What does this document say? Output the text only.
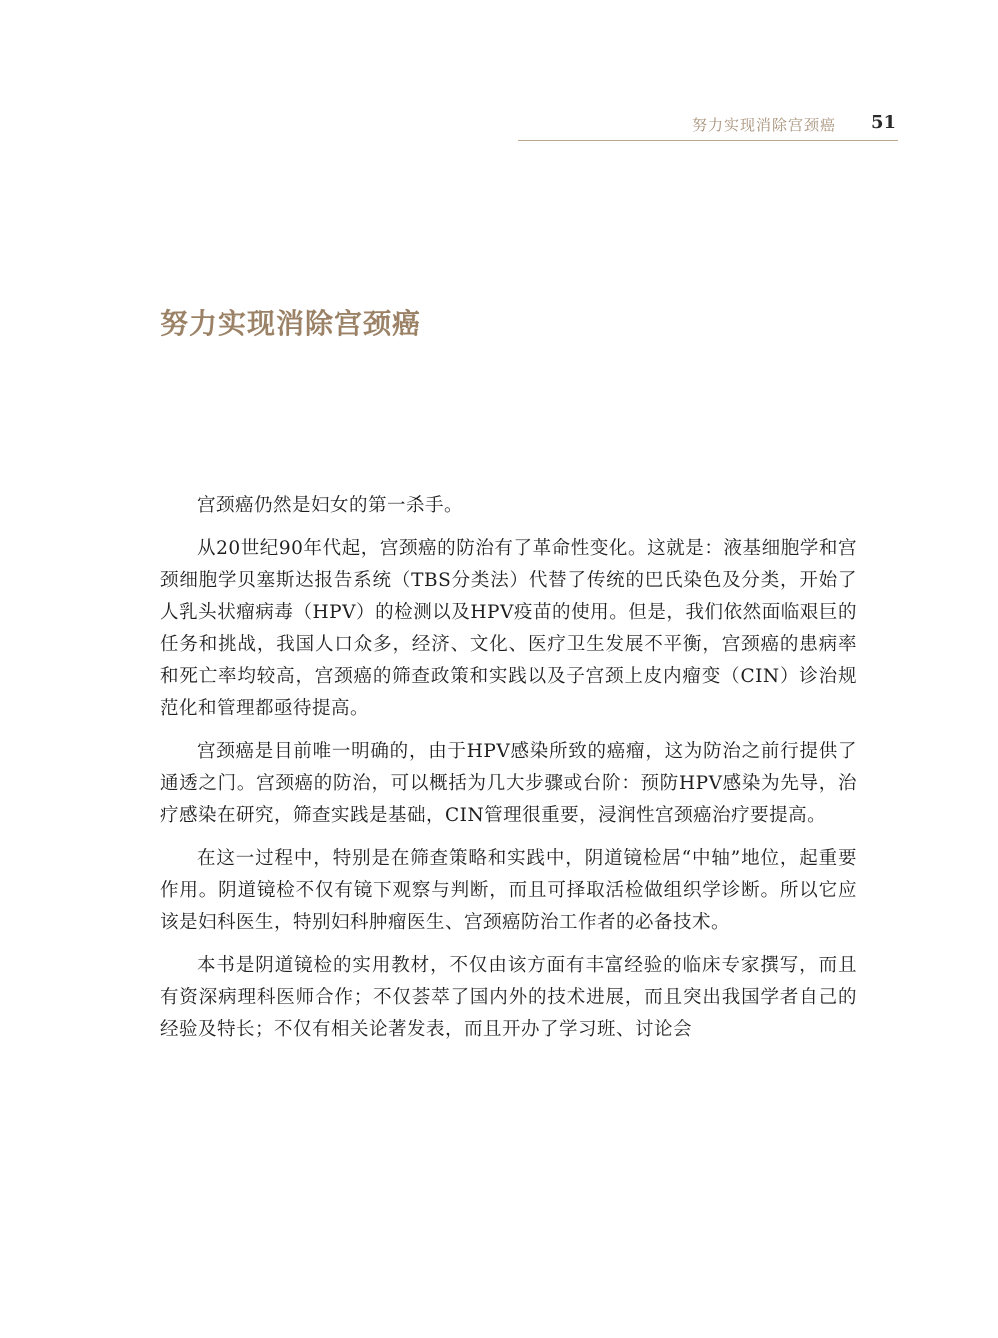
努力实现消除宫颈癌 51
努力实现消除宫颈癌

宫颈癌仍然是妇女的第一杀手。

从20世纪90年代起，宫颈癌的防治有了革命性变化。这就是：液基细胞学和宫颈细胞学贝塞斯达报告系统（TBS分类法）代替了传统的巴氏染色及分类，开始了人乳头状瘤病毒（HPV）的检测以及HPV疫苗的使用。但是，我们依然面临艰巨的任务和挑战，我国人口众多，经济、文化、医疗卫生发展不平衡，宫颈癌的患病率和死亡率均较高，宫颈癌的筛查政策和实践以及子宫颈上皮内瘤变（CIN）诊治规范化和管理都亟待提高。

宫颈癌是目前唯一明确的，由于HPV感染所致的癌瘤，这为防治之前行提供了通透之门。宫颈癌的防治，可以概括为几大步骤或台阶：预防HPV感染为先导，治疗感染在研究，筛查实践是基础，CIN管理很重要，浸润性宫颈癌治疗要提高。

在这一过程中，特别是在筛查策略和实践中，阴道镜检居“中轴”地位，起重要作用。阴道镜检不仅有镜下观察与判断，而且可择取活检做组织学诊断。所以它应该是妇科医生，特别妇科肿瘤医生、宫颈癌防治工作者的必备技术。

本书是阴道镜检的实用教材，不仅由该方面有丰富经验的临床专家撰写，而且有资深病理科医师合作；不仅荟萃了国内外的技术进展，而且突出我国学者自己的经验及特长；不仅有相关论著发表，而且开办了学习班、讨论会
